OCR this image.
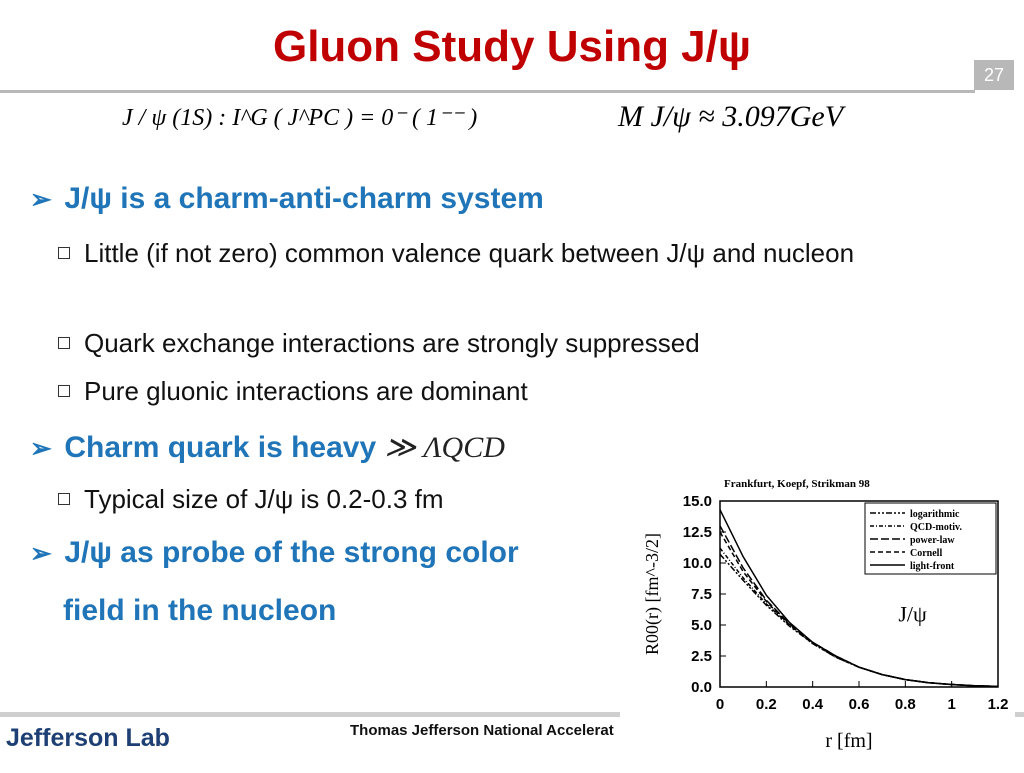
Gluon Study Using J/ψ
27
J / ψ (1S) : I^G ( J^PC ) = 0⁻ ( 1⁻⁻ )	M J/ψ ≈ 3.097GeV
➢ J/ψ is a charm-anti-charm system
Little (if not zero) common valence quark between J/ψ and nucleon
Quark exchange interactions are strongly suppressed
Pure gluonic interactions are dominant
➢ Charm quark is heavy ≫ ΛQCD
Typical size of J/ψ is 0.2-0.3 fm
➢ J/ψ as probe of the strong color
field in the nucleon
Jefferson Lab	Thomas Jefferson National Accelerat
0 0.2 0.4 0.6 0.8 1 1.2
0.0
2.5
5.0
7.5
10.0
12.5
15.0
r [fm]
R00(r) [fm^-3/2]	J/ψ
logarithmic
QCD-motiv.
power-law
Cornell
light-front
Frankfurt, Koepf, Strikman 98
